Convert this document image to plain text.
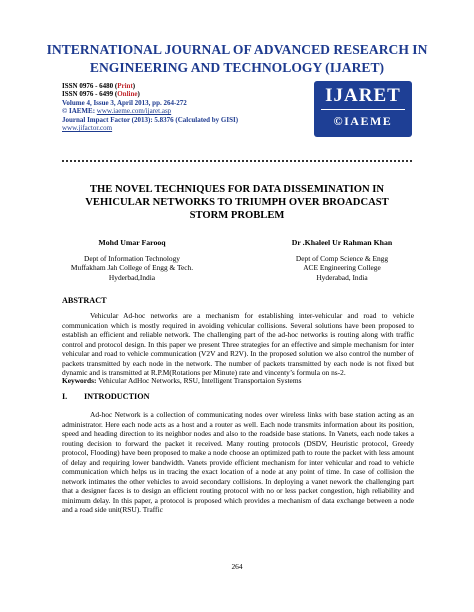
INTERNATIONAL JOURNAL OF ADVANCED RESEARCH IN
ENGINEERING AND TECHNOLOGY (IJARET)
ISSN 0976 - 6480 (Print)
ISSN 0976 - 6499 (Online)
Volume 4, Issue 3, April 2013, pp. 264-272
© IAEME: www.iaeme.com/ijaret.asp
Journal Impact Factor (2013): 5.8376 (Calculated by GISI)
www.jifactor.com
IJARET
©IAEME
THE NOVEL TECHNIQUES FOR DATA DISSEMINATION IN
VEHICULAR NETWORKS TO TRIUMPH OVER BROADCAST
STORM PROBLEM
Mohd Umar Farooq
Dept of Information Technology
Muffakham Jah College of Engg & Tech.
Hyderbad,India
Dr .Khaleel Ur Rahman Khan
Dept of Comp Science & Engg
ACE Engineering College
Hyderabad, India
ABSTRACT
Vehicular Ad-hoc networks are a mechanism for establishing inter-vehicular and road to vehicle communication which is mostly required in avoiding vehicular collisions. Several solutions have been proposed to establish an efficient and reliable network. The challenging part of the ad-hoc networks is routing along with traffic control and protocol design. In this paper we present Three strategies for an effective and simple mechanism for inter vehicular and road to vehicle communication (V2V and R2V). In the proposed solution we also control the number of packets transmitted by each node in the network. The number of packets transmitted by each node is not fixed but dynamic and is transmitted at R.P.M(Rotations per Minute) rate and vincenty’s formula on ns-2.
Keywords: Vehicular AdHoc Networks, RSU, Intelligent Transportaion Systems
I. INTRODUCTION
Ad-hoc Network is a collection of communicating nodes over wireless links with base station acting as an administrator. Here each node acts as a host and a router as well. Each node transmits information about its position, speed and heading direction to its neighbor nodes and also to the roadside base stations. In Vanets, each node takes a routing decision to forward the packet it received. Many routing protocols (DSDV, Heuristic protocol, Greedy protocol, Flooding) have been proposed to make a node choose an optimized path to route the packet with less amount of delay and requiring lower bandwidth. Vanets provide efficient mechanism for inter vehicular and road to vehicle communication which helps us in tracing the exact location of a node at any point of time. In case of collision the network intimates the other vehicles to avoid secondary collisions. In deploying a vanet nework the challenging part that a designer faces is to design an efficient routing protocol with no or less packet congestion, high reliability and minimum delay. In this paper, a protocol is proposed which provides a mechanism of data exchange between a node and a road side unit(RSU). Traffic
264
